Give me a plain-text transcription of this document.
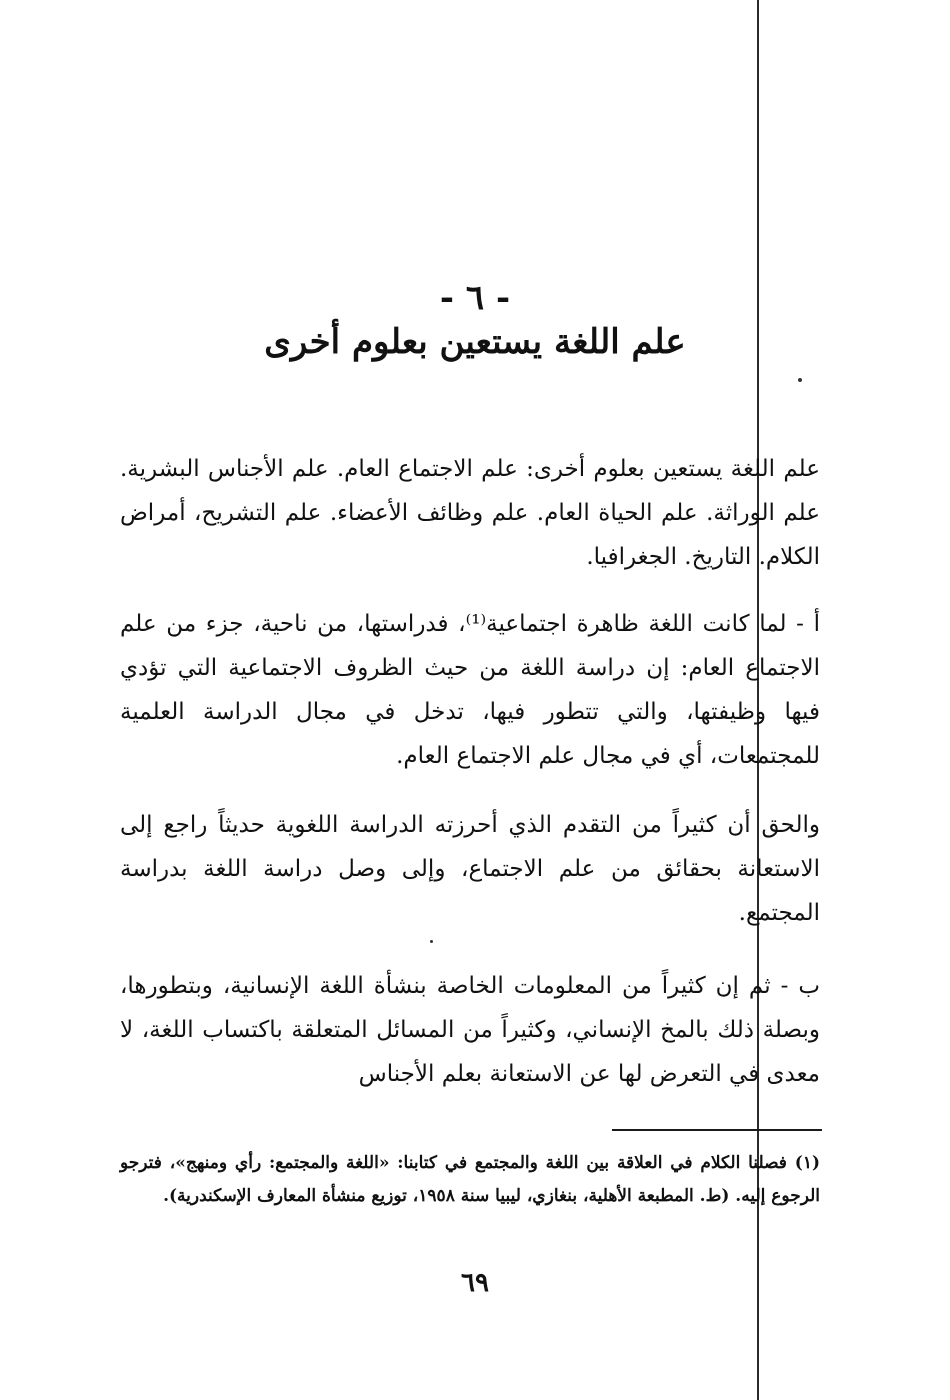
- ٦ -
علم اللغة يستعين بعلوم أخرى

علم اللغة يستعين بعلوم أخرى: علم الاجتماع العام. علم الأجناس البشرية. علم الوراثة. علم الحياة العام. علم وظائف الأعضاء. علم التشريح، أمراض الكلام. التاريخ. الجغرافيا.

أ - لما كانت اللغة ظاهرة اجتماعية⁽¹⁾، فدراستها، من ناحية، جزء من علم الاجتماع العام: إن دراسة اللغة من حيث الظروف الاجتماعية التي تؤدي فيها وظيفتها، والتي تتطور فيها، تدخل في مجال الدراسة العلمية للمجتمعات، أي في مجال علم الاجتماع العام.

والحق أن كثيراً من التقدم الذي أحرزته الدراسة اللغوية حديثاً راجع إلى الاستعانة بحقائق من علم الاجتماع، وإلى وصل دراسة اللغة بدراسة المجتمع.

ب - ثم إن كثيراً من المعلومات الخاصة بنشأة اللغة الإنسانية، وبتطورها، وبصلة ذلك بالمخ الإنساني، وكثيراً من المسائل المتعلقة باكتساب اللغة، لا معدى في التعرض لها عن الاستعانة بعلم الأجناس

(١) فصلنا الكلام في العلاقة بين اللغة والمجتمع في كتابنا: «اللغة والمجتمع: رأي ومنهج»، فترجو الرجوع إليه. (ط. المطبعة الأهلية، بنغازي، ليبيا سنة ١٩٥٨، توزيع منشأة المعارف الإسكندرية).

٦٩
